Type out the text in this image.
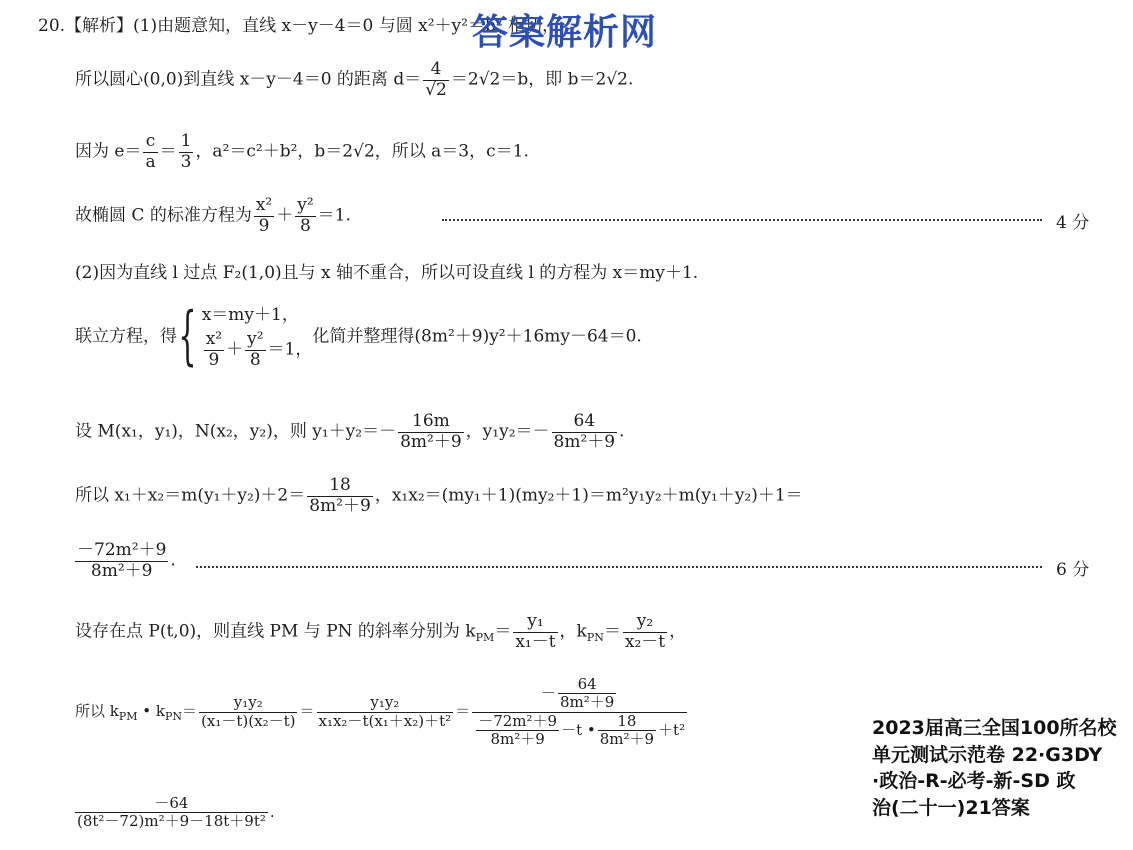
20.【解析】(1)由题意知，直线 x－y－4＝0 与圆 x²＋y²＝b² 相切，
答案解析网
所以圆心(0,0)到直线 x－y－4＝0 的距离 $d= \frac{4}{√2} =2√2=b$，即 b＝2√2.
因为 $e= \frac{c}{a} = \frac{1}{3}$ ，a²＝c²＋b²，b＝2√2，所以 a＝3，c＝1.
故椭圆 C 的标准方程为 $\frac{\text{x²}}{9} + \frac{\text{y²}}{8} =1$.	4 分
(2)因为直线 l 过点 F₂(1,0)且与 x 轴不重合，所以可设直线 l 的方程为 x＝my＋1.
联立方程，得{ x＝my＋1，
$\frac{\text{x²}}{9} + \frac{\text{y²}}{8} =1$，
化简并整理得(8m²＋9)y²＋16my－64＝0.
设 M(x₁，y₁)，N(x₂，y₂)，则 $y_1+y_2=- \frac{16m}{\text{8m²＋9}}$ ，$y_1y_2=- \frac{64}{\text{8m²＋9}}$ .
所以 $x_1+x_2=m(y_1+y_2)+2= \frac{18}{\text{8m²＋9}}$ ，x₁x₂＝(my₁＋1)(my₂＋1)＝m²y₁y₂＋m(y₁＋y₂)＋1＝
$\frac{\text{－72m²＋9}}{\text{8m²＋9}}$ .	6 分
设存在点 P(t,0)，则直线 PM 与 PN 的斜率分别为 $k_{PM}= \frac{\text{y₁}}{\text{x₁－t}}$ ，$k_{PN}= \frac{\text{y₂}}{\text{x₂－t}}$ ，
所以 $k_{PM}$ • $k_{PN}= \frac{\text{y₁y₂}}{\text{(x₁－t)(x₂－t)}} = \frac{\text{y₁y₂}}{\text{x₁x₂－t(x₁＋x₂)＋t²}} = \frac{- \frac{64}{\text{8m²＋9}}}{\frac{\text{－72m²＋9}}{\text{8m²＋9}} -t • \frac{18}{\text{8m²＋9}} +t^2}$
$\frac{-64}{\text{(8t²－72)m²＋9－18t＋9t²}}$ .
2023届高三全国100所名校
单元测试示范卷 22·G3DY
·政治-R-必考-新-SD 政
治(二十一)21答案
